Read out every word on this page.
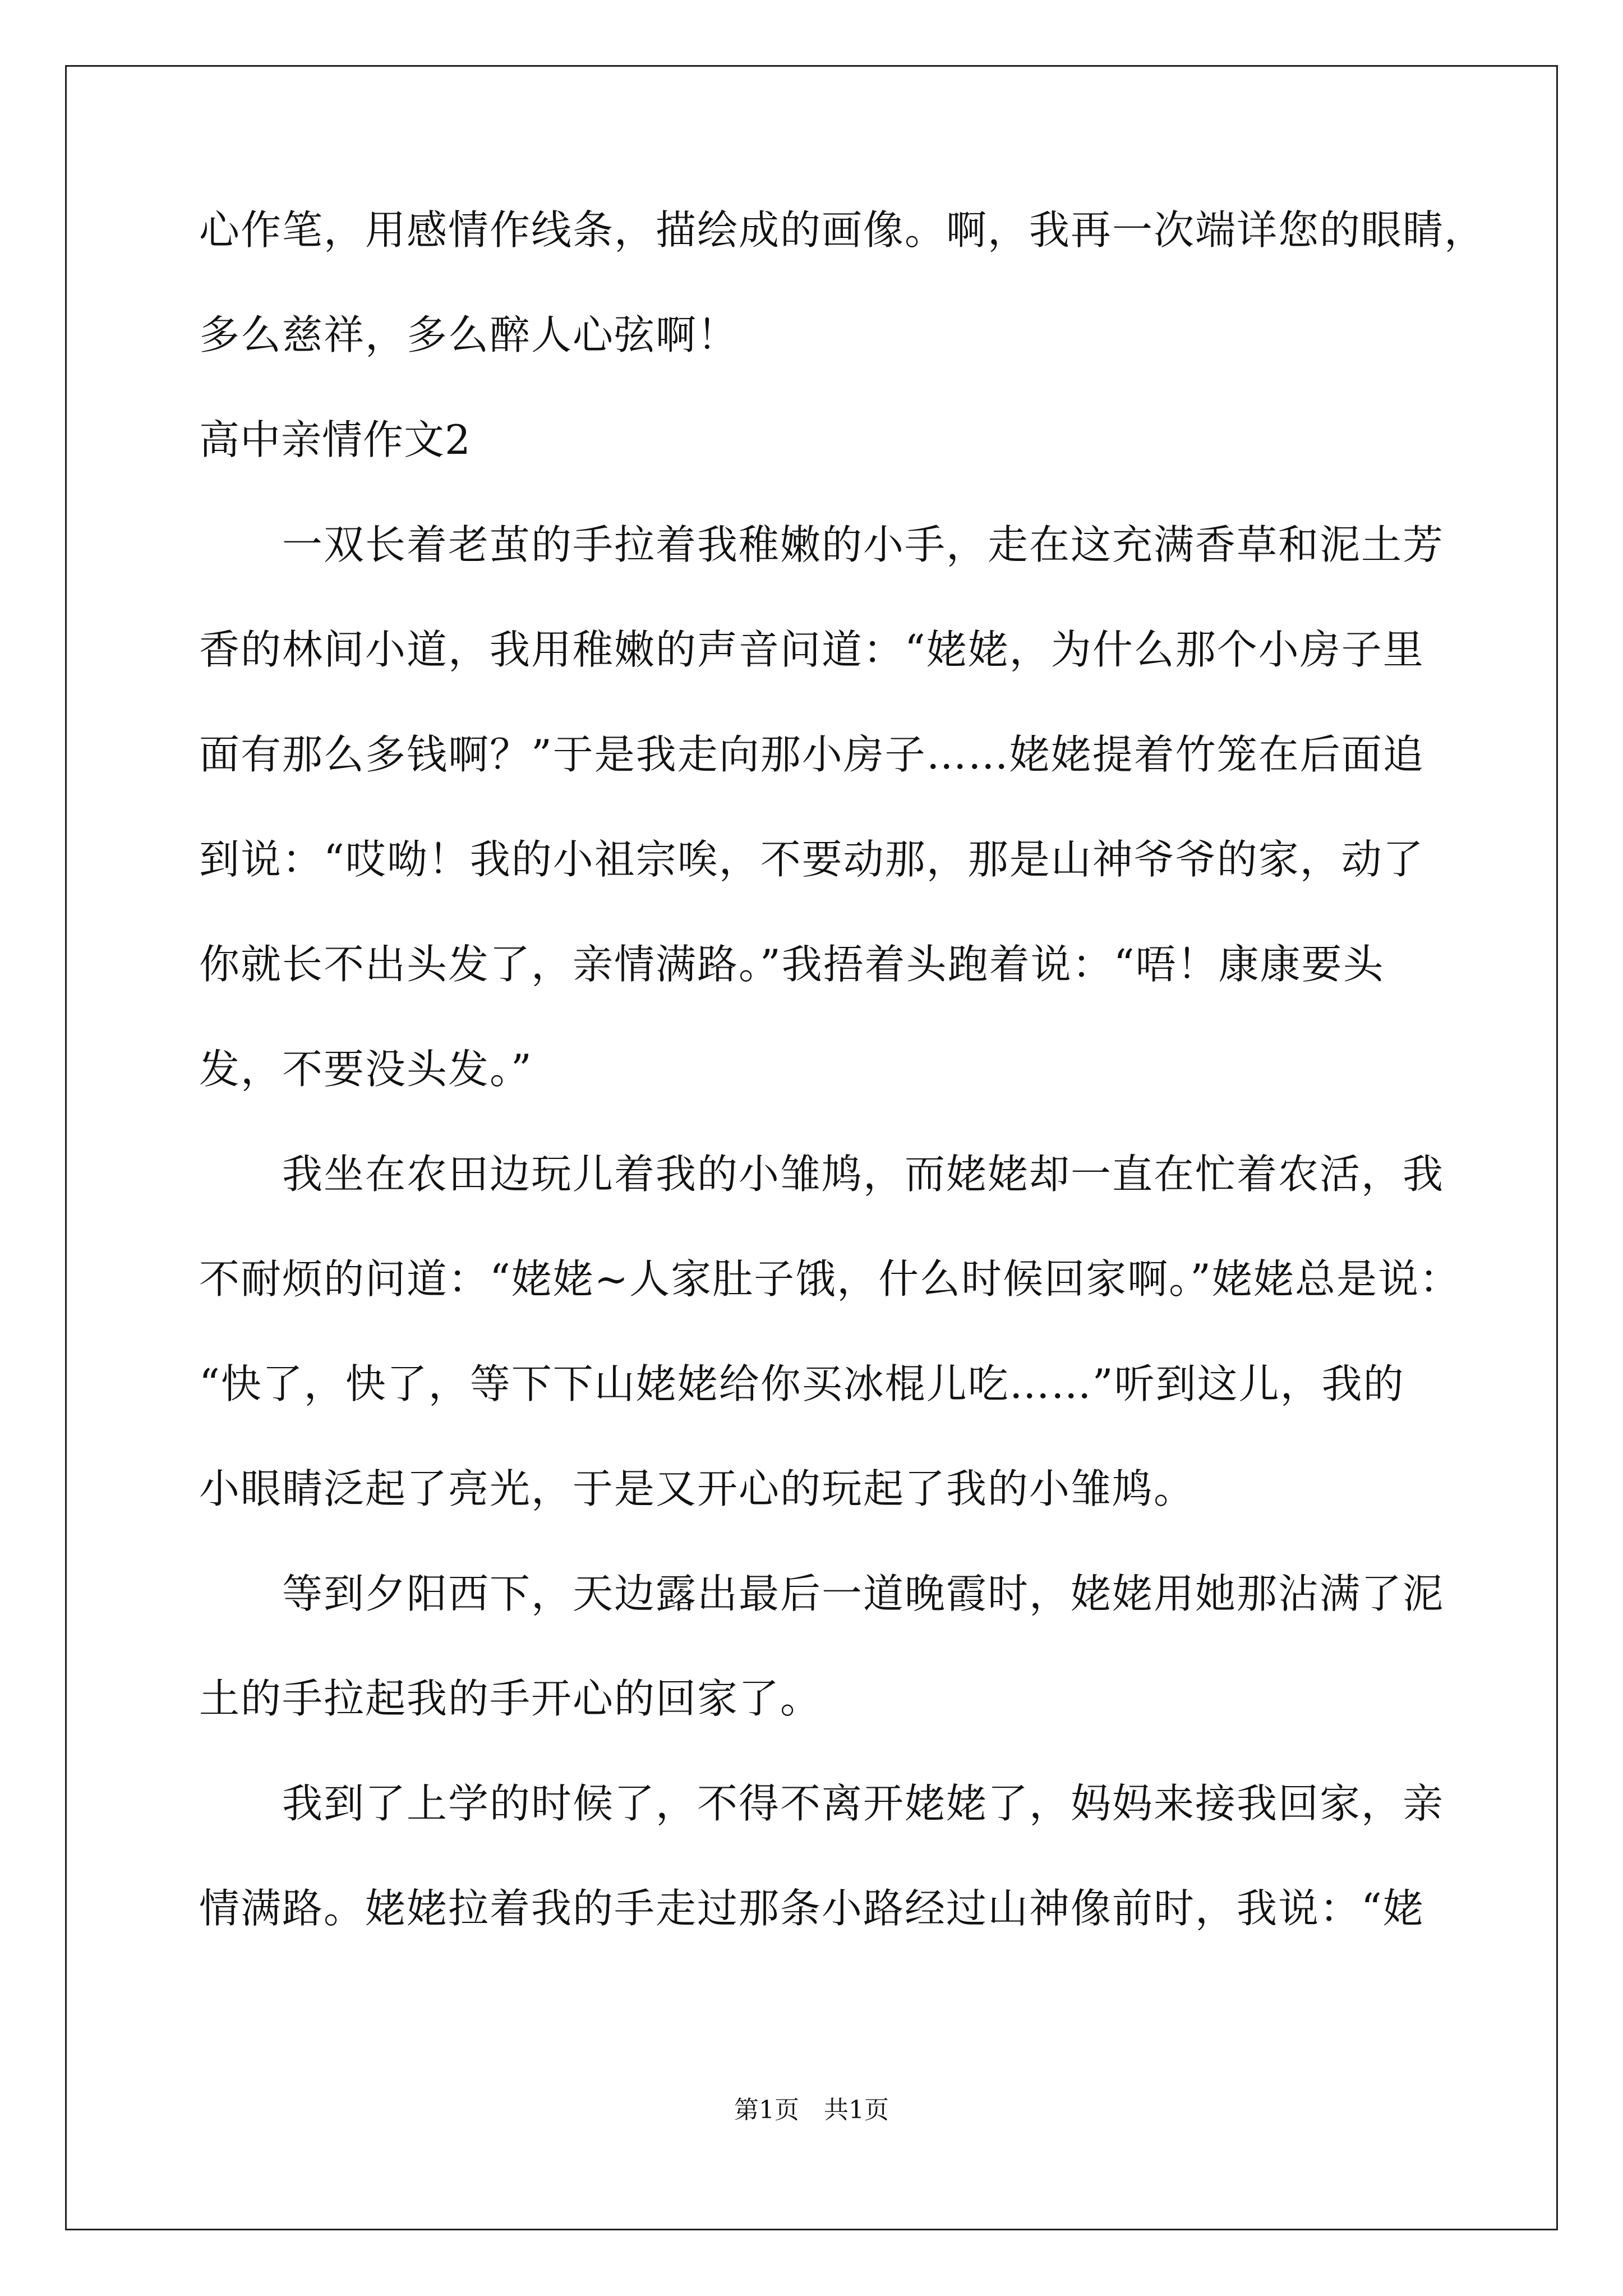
心作笔，用感情作线条，描绘成的画像。啊，我再一次端详您的眼睛，
多么慈祥，多么醉人心弦啊！
高中亲情作文2
　　一双长着老茧的手拉着我稚嫩的小手，走在这充满香草和泥土芳
香的林间小道，我用稚嫩的声音问道：“姥姥，为什么那个小房子里
面有那么多钱啊？”于是我走向那小房子……姥姥提着竹笼在后面追
到说：“哎呦！我的小祖宗唉，不要动那，那是山神爷爷的家，动了
你就长不出头发了，亲情满路。”我捂着头跑着说：“唔！康康要头
发，不要没头发。”
　　我坐在农田边玩儿着我的小雏鸠，而姥姥却一直在忙着农活，我
不耐烦的问道：“姥姥~人家肚子饿，什么时候回家啊。”姥姥总是说：
“快了，快了，等下下山姥姥给你买冰棍儿吃……”听到这儿，我的
小眼睛泛起了亮光，于是又开心的玩起了我的小雏鸠。
　　等到夕阳西下，天边露出最后一道晚霞时，姥姥用她那沾满了泥
土的手拉起我的手开心的回家了。
　　我到了上学的时候了，不得不离开姥姥了，妈妈来接我回家，亲
情满路。姥姥拉着我的手走过那条小路经过山神像前时，我说：“姥
第1页　共1页
